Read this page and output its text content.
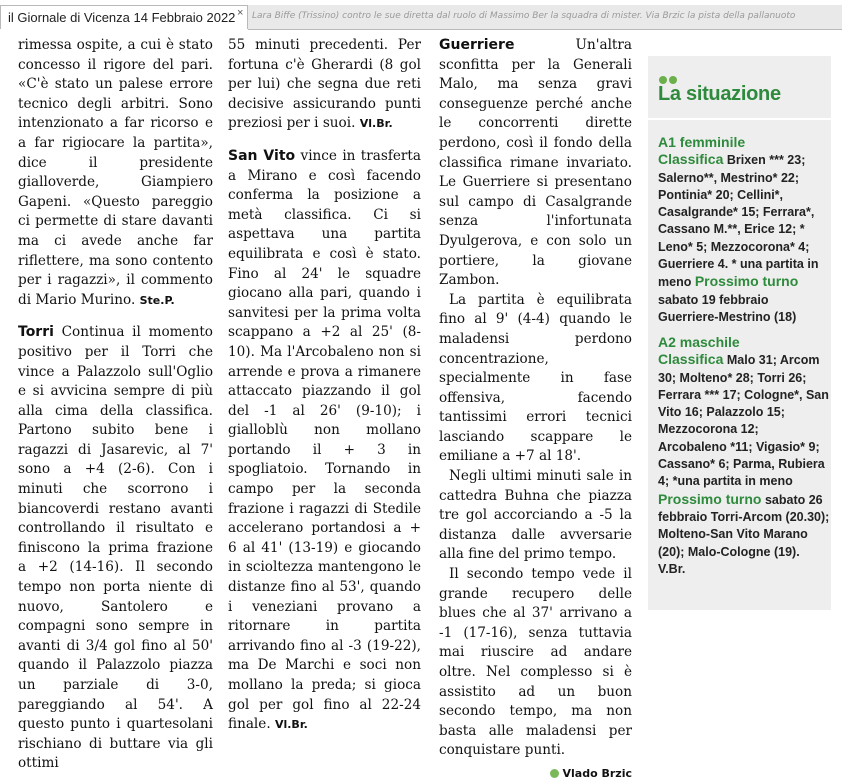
il Giornale di Vicenza 14 Febbraio 2022 × Lara Biffe (Trissino) contro le sue diretta dal ruolo di Massimo Ber la squadra di mister. Via Brzic la pista della pallanuoto

rimessa ospite, a cui è stato concesso il rigore del pari. «C'è stato un palese errore tecnico degli arbitri. Sono intenzionato a far ricorso e a far rigiocare la partita», dice il presidente gialloverde, Giampiero Gapeni. «Questo pareggio ci permette di stare davanti ma ci avede anche far riflettere, ma sono contento per i ragazzi», il commento di Mario Murino. Ste.P.

Torri Continua il momento positivo per il Torri che vince a Palazzolo sull'Oglio e si avvicina sempre di più alla cima della classifica. Partono subito bene i ragazzi di Jasarevic, al 7' sono a +4 (2-6). Con i minuti che scorrono i biancoverdi restano avanti controllando il risultato e finiscono la prima frazione a +2 (14-16). Il secondo tempo non porta niente di nuovo, Santolero e compagni sono sempre in avanti di 3/4 gol fino al 50' quando il Palazzolo piazza un parziale di 3-0, pareggiando al 54'. A questo punto i quartesolani rischiano di buttare via gli ottimi

55 minuti precedenti. Per fortuna c'è Gherardi (8 gol per lui) che segna due reti decisive assicurando punti preziosi per i suoi. Vl.Br.

San Vito vince in trasferta a Mirano e così facendo conferma la posizione a metà classifica. Ci si aspettava una partita equilibrata e così è stato. Fino al 24' le squadre giocano alla pari, quando i sanvitesi per la prima volta scappano a +2 al 25' (8-10). Ma l'Arcobaleno non si arrende e prova a rimanere attaccato piazzando il gol del -1 al 26' (9-10); i gialloblù non mollano portando il + 3 in spogliatoio. Tornando in campo per la seconda frazione i ragazzi di Stedile accelerano portandosi a + 6 al 41' (13-19) e giocando in scioltezza mantengono le distanze fino al 53', quando i veneziani provano a ritornare in partita arrivando fino al -3 (19-22), ma De Marchi e soci non mollano la preda; si gioca gol per gol fino al 22-24 finale. Vl.Br.

Guerriere	Un'altra sconfitta per la Generali Malo, ma senza gravi conseguenze perché anche le concorrenti dirette perdono, così il fondo della classifica rimane invariato. Le Guerriere si presentano sul campo di Casalgrande senza l'infortunata Dyulgerova, e con solo un portiere, la giovane Zambon.

La partita è equilibrata fino al 9' (4-4) quando le maladensi perdono concentrazione, specialmente in fase offensiva, facendo tantissimi errori tecnici lasciando scappare le emiliane a +7 al 18'.

Negli ultimi minuti sale in cattedra Buhna che piazza tre gol accorciando a -5 la distanza dalle avversarie alla fine del primo tempo.

Il secondo tempo vede il grande recupero delle blues che al 37' arrivano a -1 (17-16), senza tuttavia mai riuscire ad andare oltre. Nel complesso si è assistito ad un buon secondo tempo, ma non basta alle maladensi per conquistare punti.

Vlado Brzic
La situazione
A1 femminile
Classifica Brixen *** 23; Salerno**, Mestrino* 22; Pontinia* 20; Cellini*, Casalgrande* 15; Ferrara*, Cassano M.**, Erice 12; * Leno* 5; Mezzocorona* 4; Guerriere 4. * una partita in meno Prossimo turno sabato 19 febbraio Guerriere-Mestrino (18)
A2 maschile
Classifica Malo 31; Arcom 30; Molteno* 28; Torri 26; Ferrara *** 17; Cologne*, San Vito 16; Palazzolo 15; Mezzocorona 12; Arcobaleno *11; Vigasio* 9; Cassano* 6; Parma, Rubiera 4; *una partita in meno Prossimo turno sabato 26 febbraio Torri-Arcom (20.30); Molteno-San Vito Marano (20); Malo-Cologne (19). V.Br.
